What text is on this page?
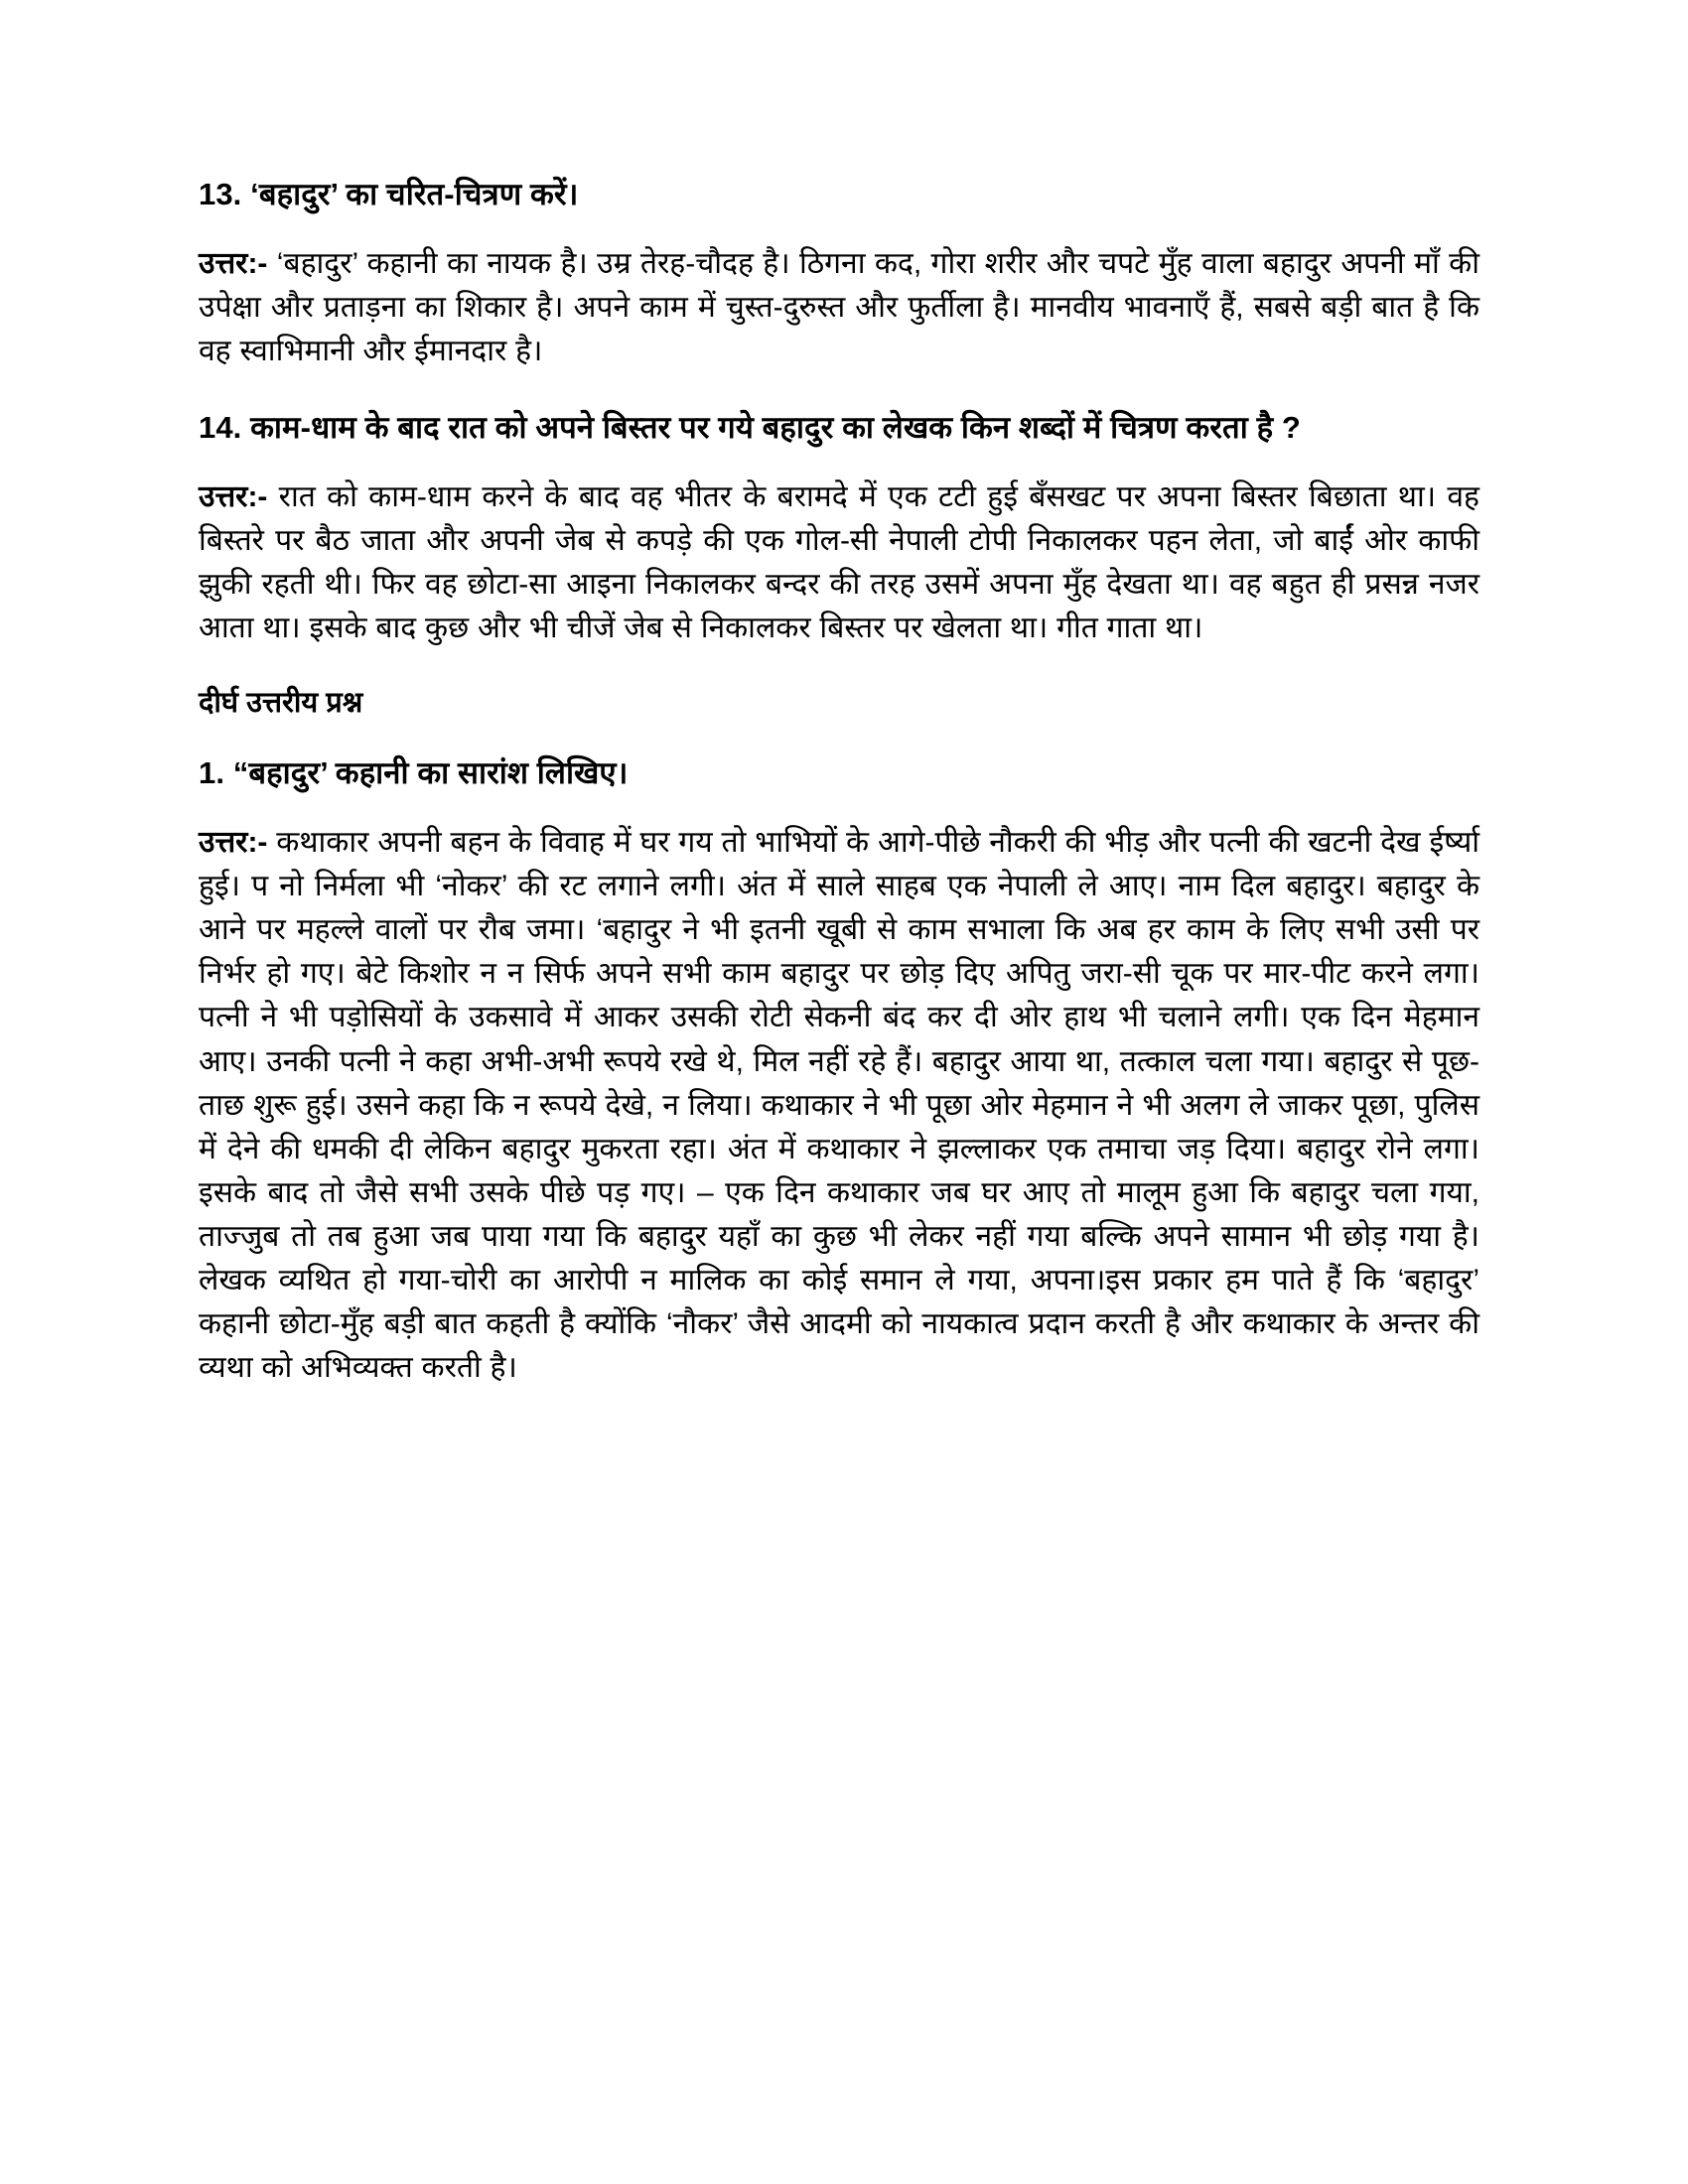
13. ‘बहादुर’ का चरित-चित्रण करें।

उत्तर:- ‘बहादुर’ कहानी का नायक है। उम्र तेरह-चौदह है। ठिगना कद, गोरा शरीर और चपटे मुँह वाला बहादुर अपनी माँ की उपेक्षा और प्रताड़ना का शिकार है। अपने काम में चुस्त-दुरुस्त और फुर्तीला है। मानवीय भावनाएँ हैं, सबसे बड़ी बात है कि वह स्वाभिमानी और ईमानदार है।

14. काम-धाम के बाद रात को अपने बिस्तर पर गये बहादुर का लेखक किन शब्दों में चित्रण करता है ?

उत्तर:- रात को काम-धाम करने के बाद वह भीतर के बरामदे में एक टटी हुई बँसखट पर अपना बिस्तर बिछाता था। वह बिस्तरे पर बैठ जाता और अपनी जेब से कपड़े की एक गोल-सी नेपाली टोपी निकालकर पहन लेता, जो बाईं ओर काफी झुकी रहती थी। फिर वह छोटा-सा आइना निकालकर बन्दर की तरह उसमें अपना मुँह देखता था। वह बहुत ही प्रसन्न नजर आता था। इसके बाद कुछ और भी चीजें जेब से निकालकर बिस्तर पर खेलता था। गीत गाता था।

दीर्घ उत्तरीय प्रश्न
1. “बहादुर’ कहानी का सारांश लिखिए।

उत्तर:- कथाकार अपनी बहन के विवाह में घर गय तो भाभियों के आगे-पीछे नौकरी की भीड़ और पत्नी की खटनी देख ईर्ष्या हुई। प नो निर्मला भी ‘नोकर’ की रट लगाने लगी। अंत में साले साहब एक नेपाली ले आए। नाम दिल बहादुर। बहादुर के आने पर महल्ले वालों पर रौब जमा। ‘बहादुर ने भी इतनी खूबी से काम सभाला कि अब हर काम के लिए सभी उसी पर निर्भर हो गए। बेटे किशोर न न सिर्फ अपने सभी काम बहादुर पर छोड़ दिए अपितु जरा-सी चूक पर मार-पीट करने लगा। पत्नी ने भी पड़ोसियों के उकसावे में आकर उसकी रोटी सेकनी बंद कर दी ओर हाथ भी चलाने लगी। एक दिन मेहमान आए। उनकी पत्नी ने कहा अभी-अभी रूपये रखे थे, मिल नहीं रहे हैं। बहादुर आया था, तत्काल चला गया। बहादुर से पूछ-ताछ शुरू हुई। उसने कहा कि न रूपये देखे, न लिया। कथाकार ने भी पूछा ओर मेहमान ने भी अलग ले जाकर पूछा, पुलिस में देने की धमकी दी लेकिन बहादुर मुकरता रहा। अंत में कथाकार ने झल्लाकर एक तमाचा जड़ दिया। बहादुर रोने लगा। इसके बाद तो जैसे सभी उसके पीछे पड़ गए। – एक दिन कथाकार जब घर आए तो मालूम हुआ कि बहादुर चला गया, ताज्जुब तो तब हुआ जब पाया गया कि बहादुर यहाँ का कुछ भी लेकर नहीं गया बल्कि अपने सामान भी छोड़ गया है। लेखक व्यथित हो गया-चोरी का आरोपी न मालिक का कोई समान ले गया, अपना।इस प्रकार हम पाते हैं कि ‘बहादुर’ कहानी छोटा-मुँह बड़ी बात कहती है क्योंकि ‘नौकर’ जैसे आदमी को नायकात्व प्रदान करती है और कथाकार के अन्तर की व्यथा को अभिव्यक्त करती है।
